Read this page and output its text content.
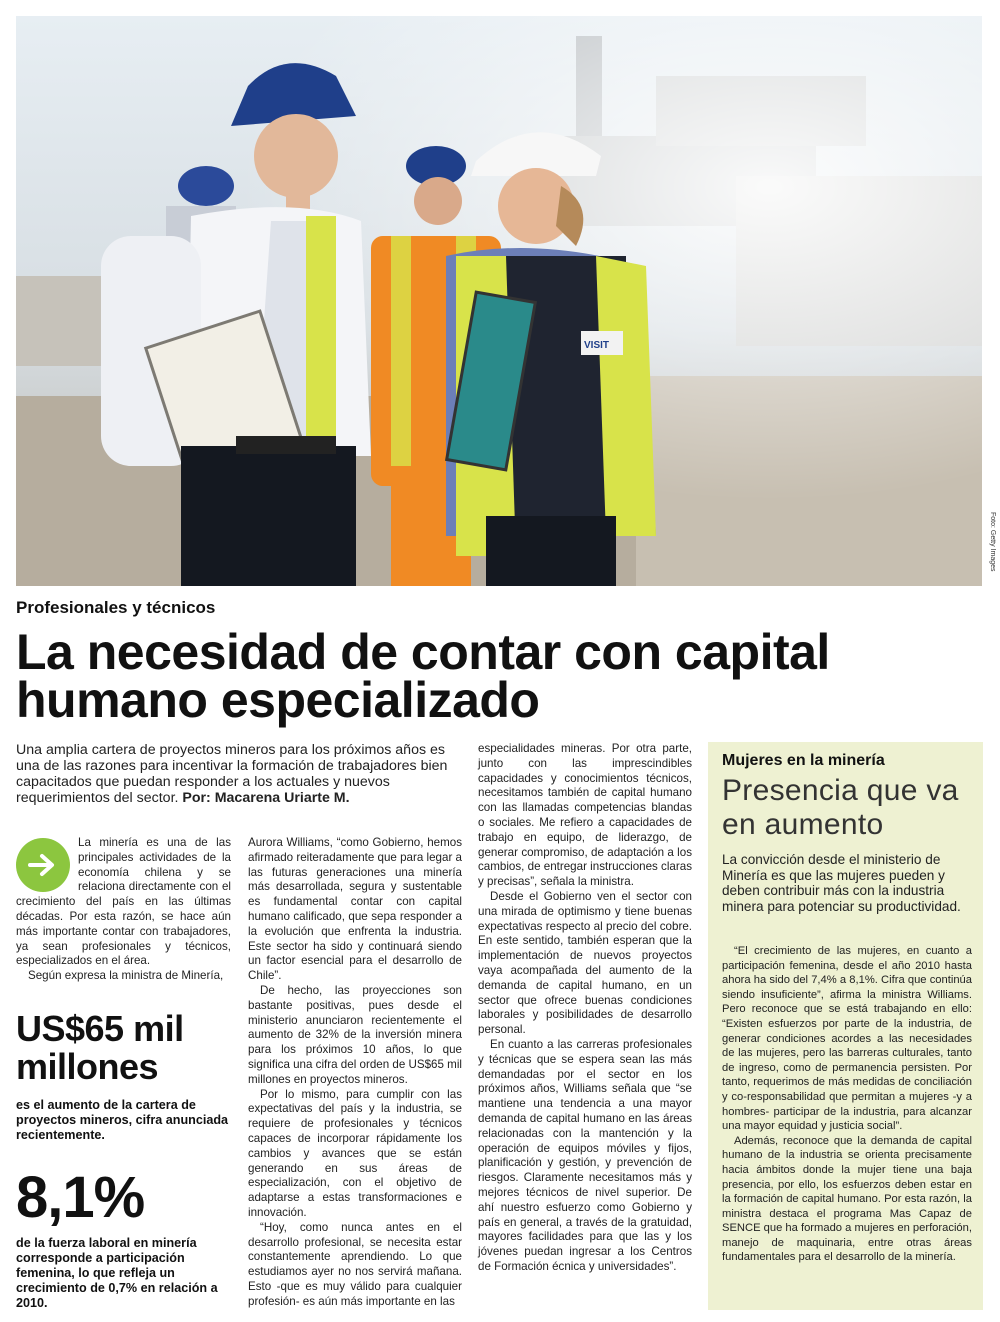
VISIT
Foto: Getty Images
Profesionales y técnicos
La necesidad de contar con capital humano especializado
Una amplia cartera de proyectos mineros para los próximos años es una de las razones para incentivar la formación de trabajadores bien capacitados que puedan responder a los actuales y nuevos requerimientos del sector. Por: Macarena Uriarte M.

La minería es una de las principales actividades de la economía chilena y se relaciona directamente con el crecimiento del país en las últimas décadas. Por esta razón, se hace aún más importante contar con trabajadores, ya sean profesionales y técnicos, especializados en el área.

Según expresa la ministra de Minería,

US$65 mil millones
es el aumento de la cartera de proyectos mineros, cifra anunciada recientemente.
8,1%
de la fuerza laboral en minería corresponde a participación femenina, lo que refleja un crecimiento de 0,7% en relación a 2010.

Aurora Williams, “como Gobierno, hemos afirmado reiteradamente que para legar a las futuras generaciones una minería más desarrollada, segura y sustentable es fundamental contar con capital humano calificado, que sepa responder a la evolución que enfrenta la industria. Este sector ha sido y continuará siendo un factor esencial para el desarrollo de Chile”.

De hecho, las proyecciones son bastante positivas, pues desde el ministerio anunciaron recientemente el aumento de 32% de la inversión minera para los próximos 10 años, lo que significa una cifra del orden de US$65 mil millones en proyectos mineros.

Por lo mismo, para cumplir con las expectativas del país y la industria, se requiere de profesionales y técnicos capaces de incorporar rápidamente los cambios y avances que se están generando en sus áreas de especialización, con el objetivo de adaptarse a estas transformaciones e innovación.

“Hoy, como nunca antes en el desarrollo profesional, se necesita estar constantemente aprendiendo. Lo que estudiamos ayer no nos servirá mañana. Esto -que es muy válido para cualquier profesión- es aún más importante en las

especialidades mineras. Por otra parte, junto con las imprescindibles capacidades y conocimientos técnicos, necesitamos también de capital humano con las llamadas competencias blandas o sociales. Me refiero a capacidades de trabajo en equipo, de liderazgo, de generar compromiso, de adaptación a los cambios, de entregar instrucciones claras y precisas”, señala la ministra.

Desde el Gobierno ven el sector con una mirada de optimismo y tiene buenas expectativas respecto al precio del cobre. En este sentido, también esperan que la implementación de nuevos proyectos vaya acompañada del aumento de la demanda de capital humano, en un sector que ofrece buenas condiciones laborales y posibilidades de desarrollo personal.

En cuanto a las carreras profesionales y técnicas que se espera sean las más demandadas por el sector en los próximos años, Williams señala que “se mantiene una tendencia a una mayor demanda de capital humano en las áreas relacionadas con la mantención y la operación de equipos móviles y fijos, planificación y gestión, y prevención de riesgos. Claramente necesitamos más y mejores técnicos de nivel superior. De ahí nuestro esfuerzo como Gobierno y país en general, a través de la gratuidad, mayores facilidades para que las y los jóvenes puedan ingresar a los Centros de Formación écnica y universidades”.

Mujeres en la minería
Presencia que va en aumento
La convicción desde el ministerio de Minería es que las mujeres pueden y deben contribuir más con la industria minera para potenciar su productividad.

“El crecimiento de las mujeres, en cuanto a participación femenina, desde el año 2010 hasta ahora ha sido del 7,4% a 8,1%. Cifra que continúa siendo insuficiente”, afirma la ministra Williams. Pero reconoce que se está trabajando en ello: “Existen esfuerzos por parte de la industria, de generar condiciones acordes a las necesidades de las mujeres, pero las barreras culturales, tanto de ingreso, como de permanencia persisten. Por tanto, requerimos de más medidas de conciliación y co-responsabilidad que permitan a mujeres -y a hombres- participar de la industria, para alcanzar una mayor equidad y justicia social”.

Además, reconoce que la demanda de capital humano de la industria se orienta precisamente hacia ámbitos donde la mujer tiene una baja presencia, por ello, los esfuerzos deben estar en la formación de capital humano. Por esta razón, la ministra destaca el programa Mas Capaz de SENCE que ha formado a mujeres en perforación, manejo de maquinaria, entre otras áreas fundamentales para el desarrollo de la minería.
